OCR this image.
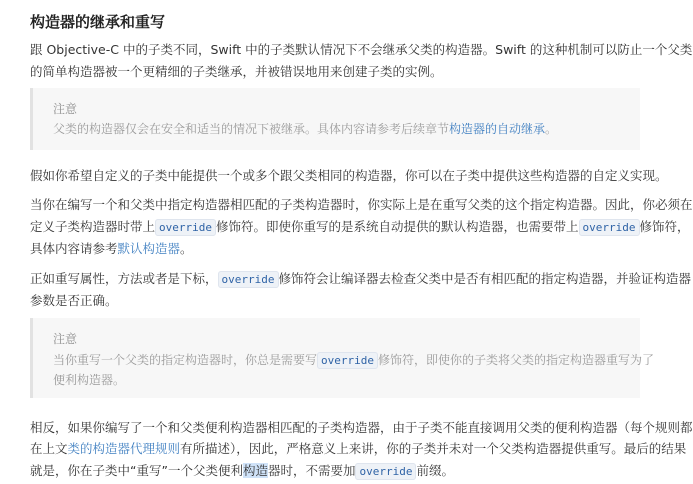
构造器的继承和重写
跟 Objective-C 中的子类不同，Swift 中的子类默认情况下不会继承父类的构造器。Swift 的这种机制可以防止一个父类
的简单构造器被一个更精细的子类继承，并被错误地用来创建子类的实例。
注意
父类的构造器仅会在安全和适当的情况下被继承。具体内容请参考后续章节构造器的自动继承。
假如你希望自定义的子类中能提供一个或多个跟父类相同的构造器，你可以在子类中提供这些构造器的自定义实现。
当你在编写一个和父类中指定构造器相匹配的子类构造器时，你实际上是在重写父类的这个指定构造器。因此，你必须在
定义子类构造器时带上 override 修饰符。即使你重写的是系统自动提供的默认构造器，也需要带上 override 修饰符，
具体内容请参考默认构造器。
正如重写属性，方法或者是下标， override 修饰符会让编译器去检查父类中是否有相匹配的指定构造器，并验证构造器
参数是否正确。
注意
当你重写一个父类的指定构造器时，你总是需要写 override 修饰符，即使你的子类将父类的指定构造器重写为了
便利构造器。
相反，如果你编写了一个和父类便利构造器相匹配的子类构造器，由于子类不能直接调用父类的便利构造器（每个规则都
在上文类的构造器代理规则有所描述），因此，严格意义上来讲，你的子类并未对一个父类构造器提供重写。最后的结果
就是，你在子类中“重写”一个父类便利构造器时，不需要加 override 前缀。
